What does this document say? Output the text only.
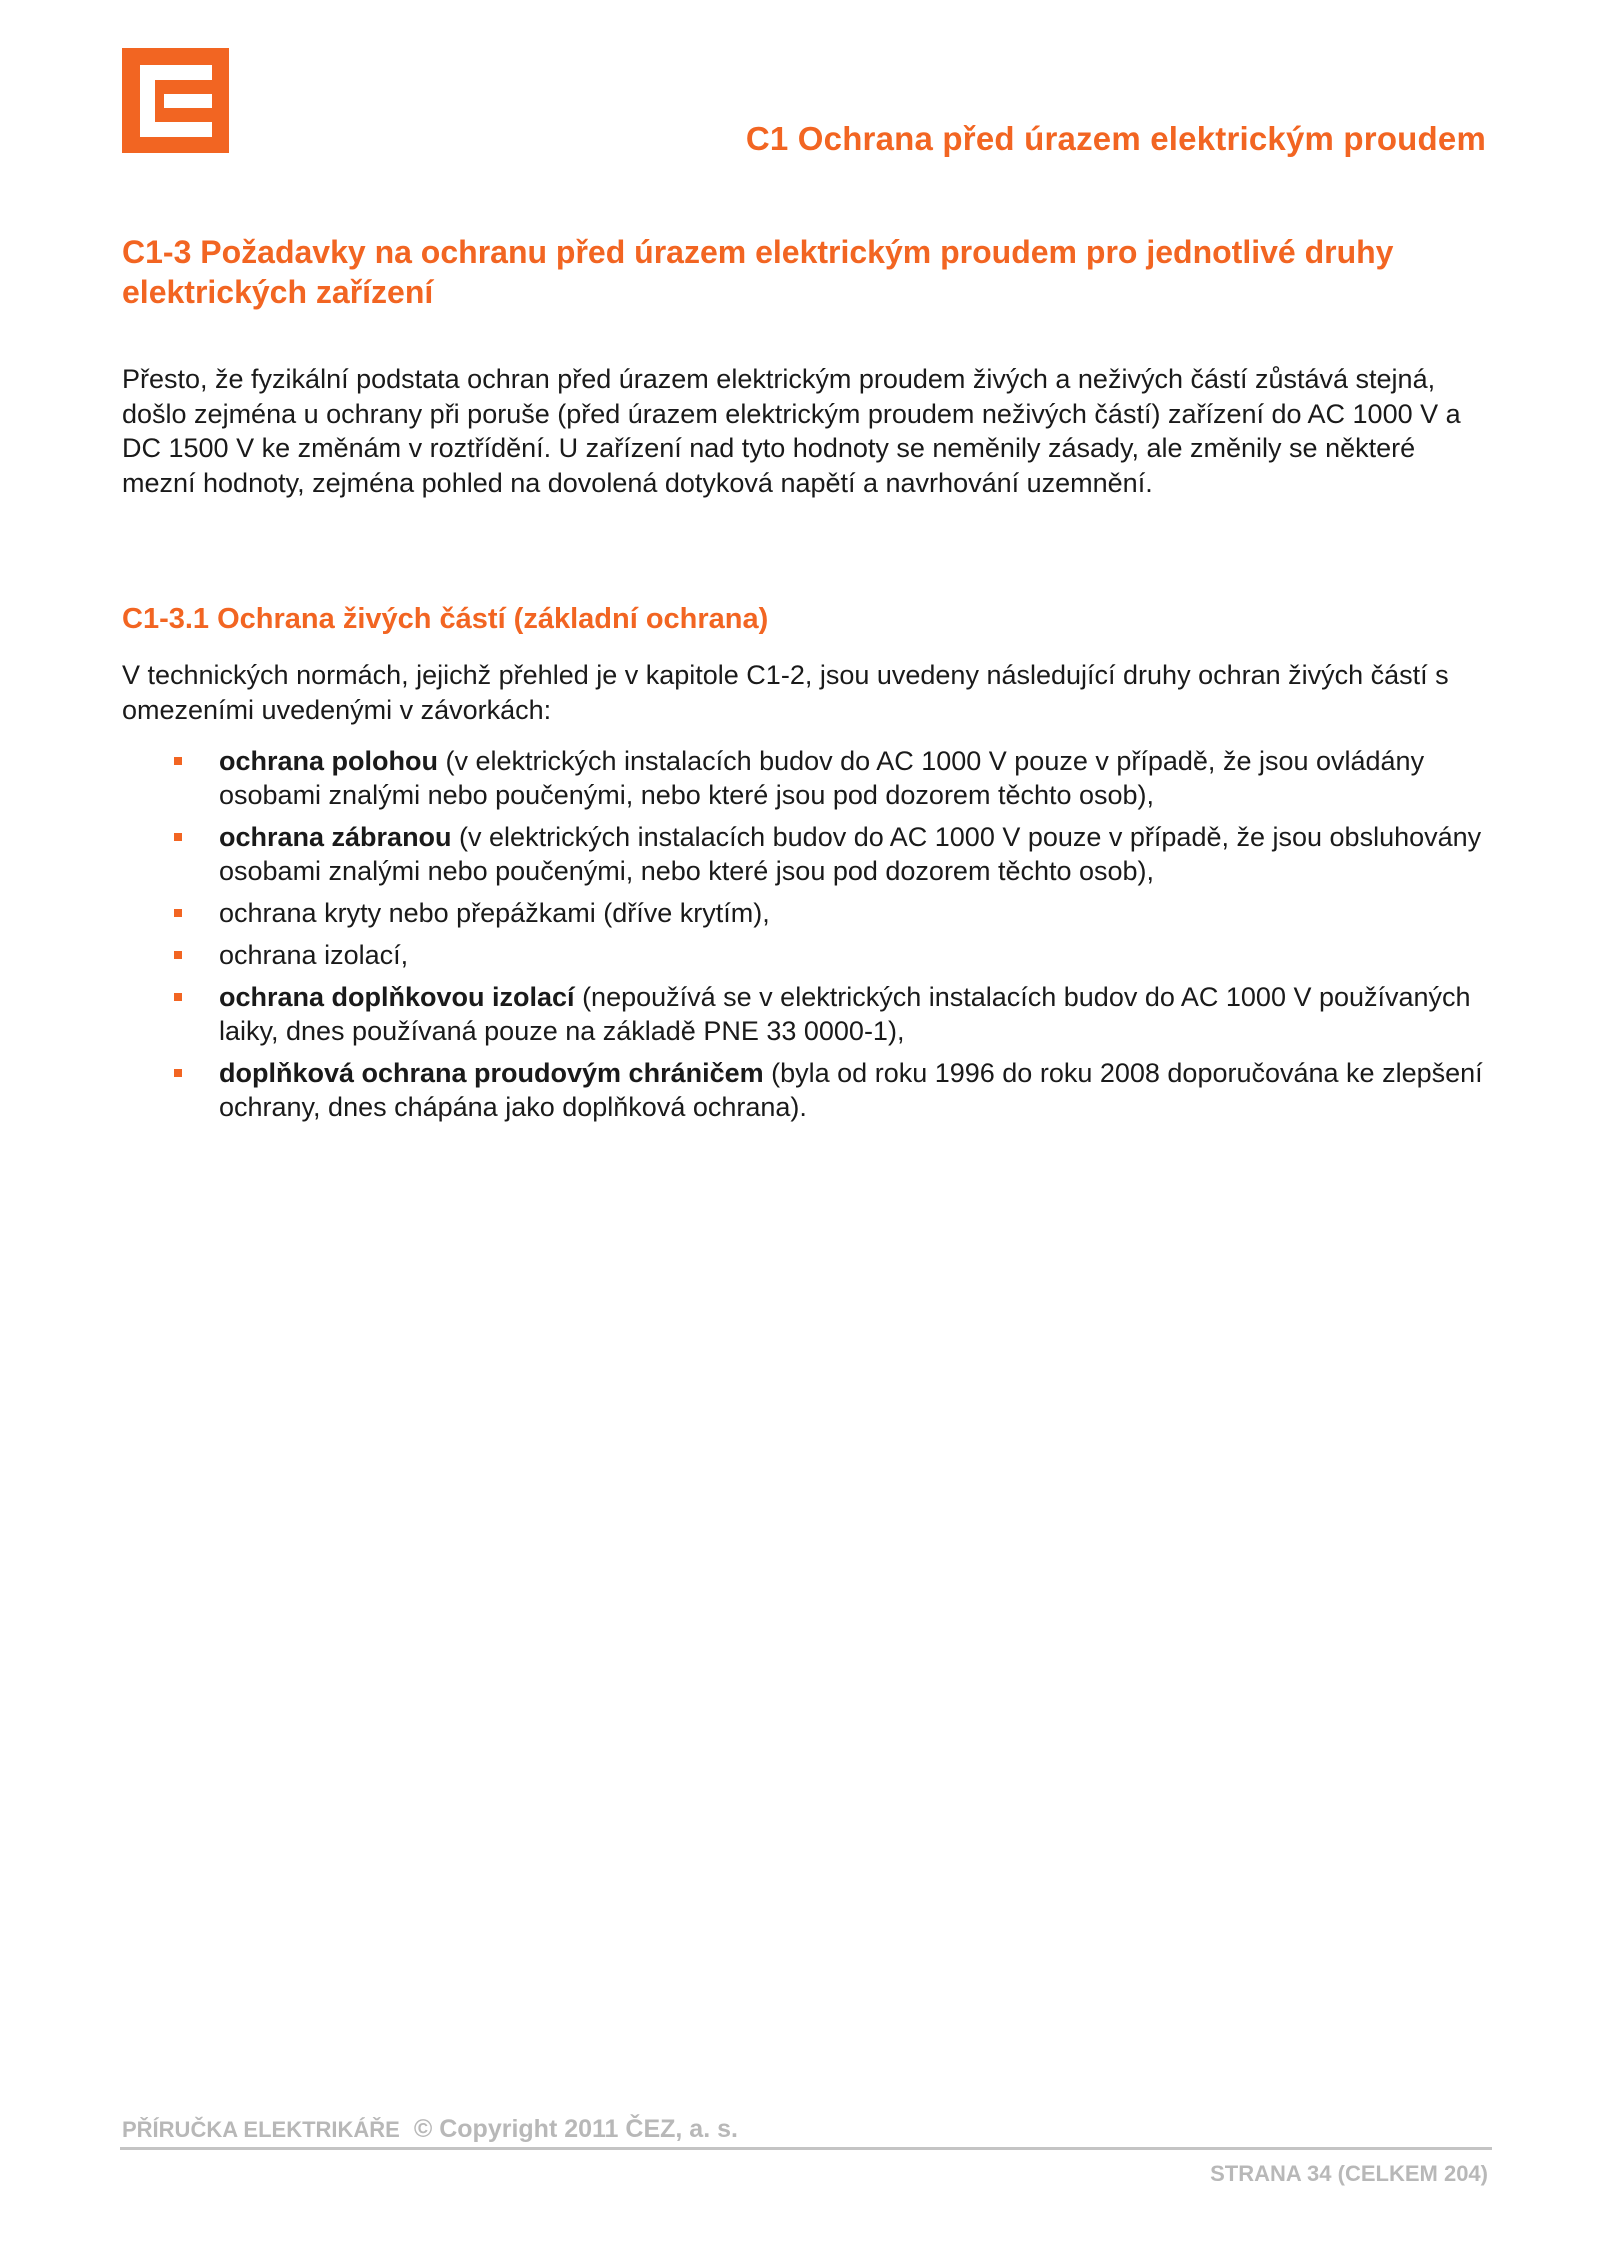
C1 Ochrana před úrazem elektrickým proudem
C1-3 Požadavky na ochranu před úrazem elektrickým proudem pro jednotlivé druhy elektrických zařízení

Přesto, že fyzikální podstata ochran před úrazem elektrickým proudem živých a neživých částí zůstává stejná, došlo zejména u ochrany při poruše (před úrazem elektrickým proudem neživých částí) zařízení do AC 1000 V a DC 1500 V ke změnám v roztřídění. U zařízení nad tyto hodnoty se neměnily zásady, ale změnily se některé mezní hodnoty, zejména pohled na dovolená dotyková napětí a navrhování uzemnění.

C1-3.1 Ochrana živých částí (základní ochrana)

V technických normách, jejichž přehled je v kapitole C1-2, jsou uvedeny následující druhy ochran živých částí s omezeními uvedenými v závorkách:

ochrana polohou (v elektrických instalacích budov do AC 1000 V pouze v případě, že jsou ovládány osobami znalými nebo poučenými, nebo které jsou pod dozorem těchto osob),
ochrana zábranou (v elektrických instalacích budov do AC 1000 V pouze v případě, že jsou obsluhovány osobami znalými nebo poučenými, nebo které jsou pod dozorem těchto osob),
ochrana kryty nebo přepážkami (dříve krytím),
ochrana izolací,
ochrana doplňkovou izolací (nepoužívá se v elektrických instalacích budov do AC 1000 V používaných laiky, dnes používaná pouze na základě PNE 33 0000-1),
doplňková ochrana proudovým chráničem (byla od roku 1996 do roku 2008 doporučována ke zlepšení ochrany, dnes chápána jako doplňková ochrana).
PŘÍRUČKA ELEKTRIKÁŘE © Copyright 2011 ČEZ, a. s.
STRANA 34 (CELKEM 204)
